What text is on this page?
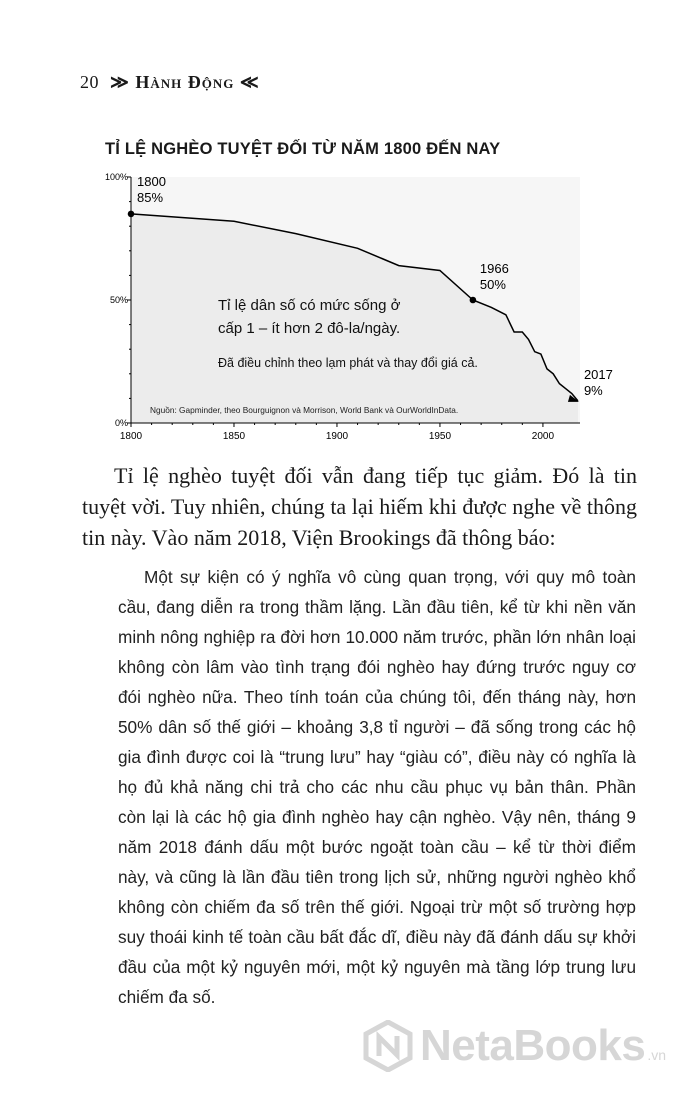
20 ≫ Hành Động ≪
TỈ LỆ NGHÈO TUYỆT ĐỐI TỪ NĂM 1800 ĐẾN NAY
1800	1850	1900	1950	2000
0%
50%
100% 1800
85%
1966
50%
2017
9%
Tỉ lệ dân số có mức sống ở
cấp 1 – ít hơn 2 đô-la/ngày.
Đã điều chỉnh theo lạm phát và thay đổi giá cả.
Nguồn: Gapminder, theo Bourguignon và Morrison, World Bank và OurWorldInData.

Tỉ lệ nghèo tuyệt đối vẫn đang tiếp tục giảm. Đó là tin tuyệt vời. Tuy nhiên, chúng ta lại hiếm khi được nghe về thông tin này. Vào năm 2018, Viện Brookings đã thông báo:

Một sự kiện có ý nghĩa vô cùng quan trọng, với quy mô toàn cầu, đang diễn ra trong thầm lặng. Lần đầu tiên, kể từ khi nền văn minh nông nghiệp ra đời hơn 10.000 năm trước, phần lớn nhân loại không còn lâm vào tình trạng đói nghèo hay đứng trước nguy cơ đói nghèo nữa. Theo tính toán của chúng tôi, đến tháng này, hơn 50% dân số thế giới – khoảng 3,8 tỉ người – đã sống trong các hộ gia đình được coi là “trung lưu” hay “giàu có”, điều này có nghĩa là họ đủ khả năng chi trả cho các nhu cầu phục vụ bản thân. Phần còn lại là các hộ gia đình nghèo hay cận nghèo. Vậy nên, tháng 9 năm 2018 đánh dấu một bước ngoặt toàn cầu – kể từ thời điểm này, và cũng là lần đầu tiên trong lịch sử, những người nghèo khổ không còn chiếm đa số trên thế giới. Ngoại trừ một số trường hợp suy thoái kinh tế toàn cầu bất đắc dĩ, điều này đã đánh dấu sự khởi đầu của một kỷ nguyên mới, một kỷ nguyên mà tầng lớp trung lưu chiếm đa số.

NetaBooks .vn
